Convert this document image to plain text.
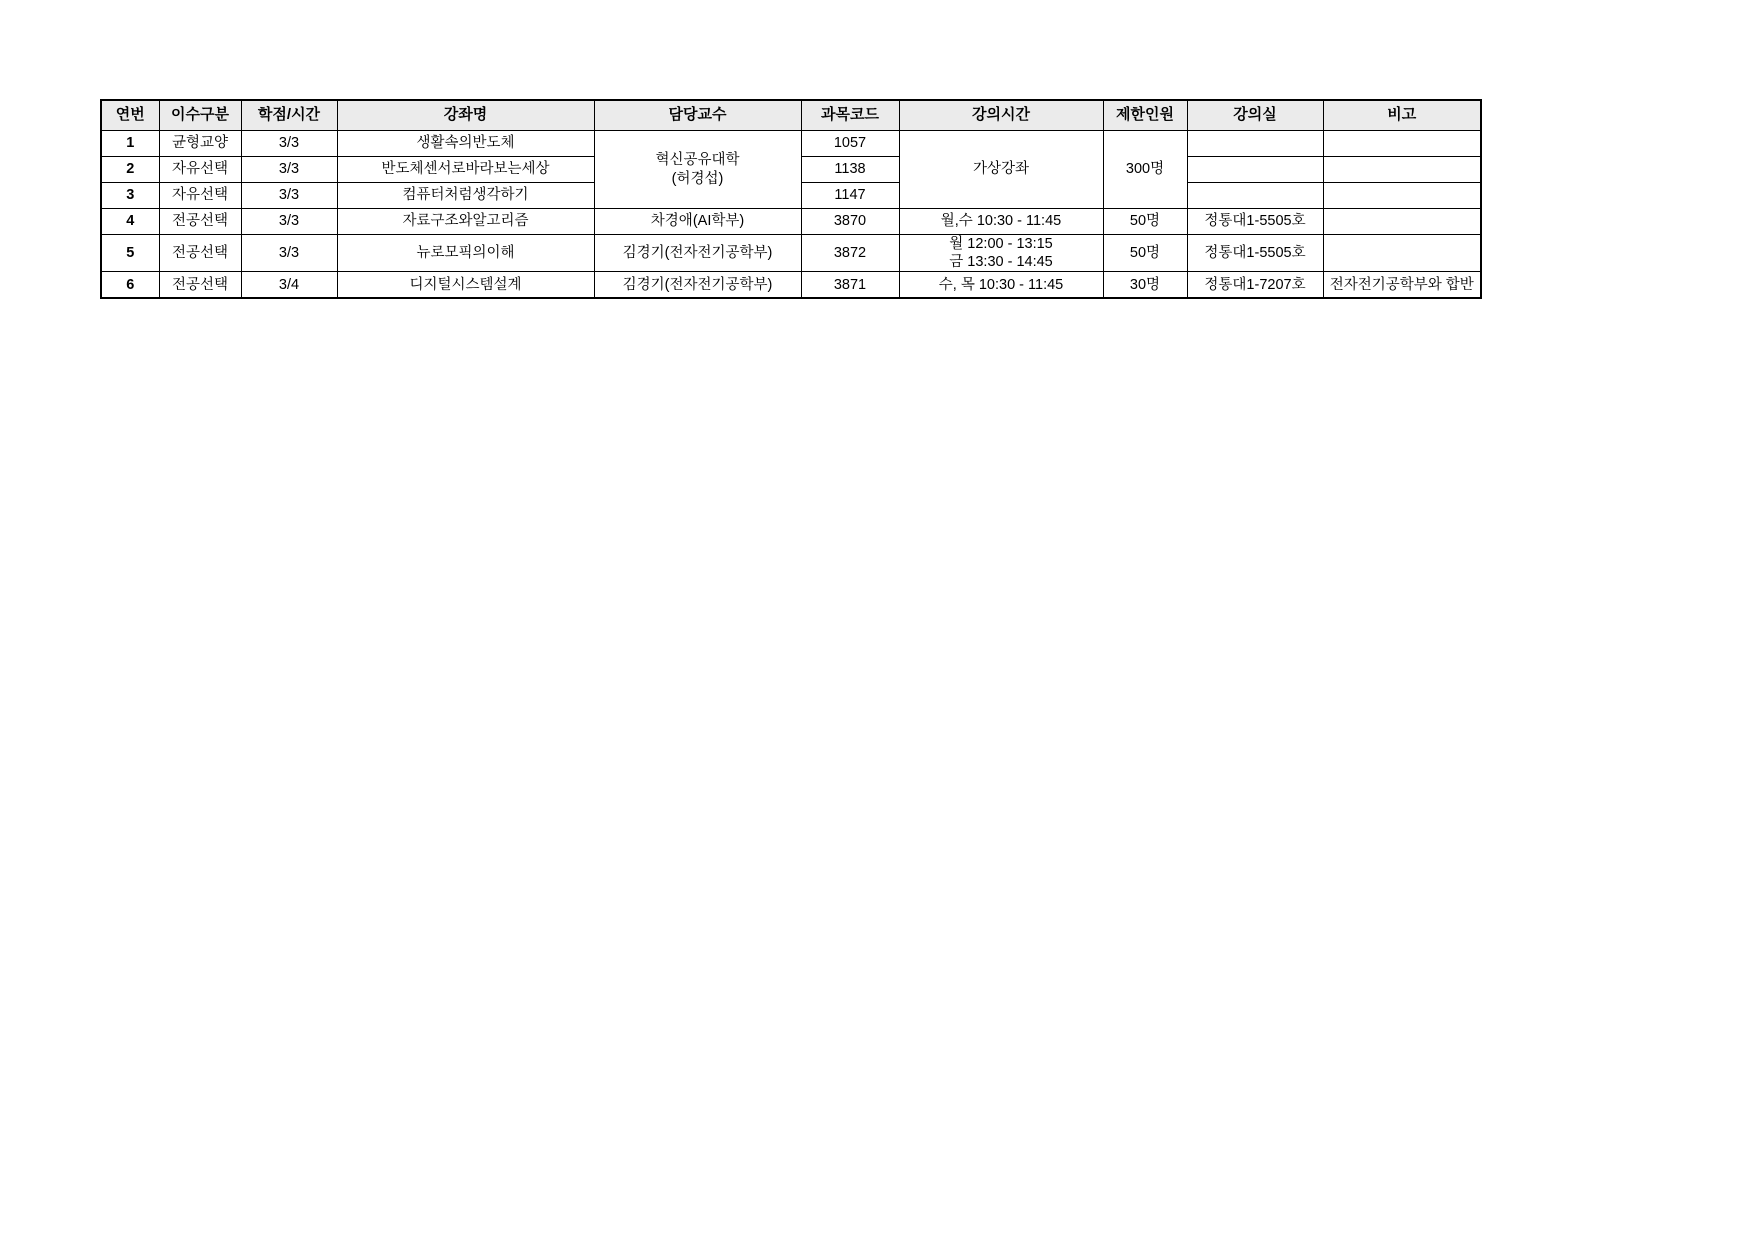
연번	이수구분	학점/시간	강좌명	담당교수	과목코드	강의시간	제한인원	강의실	비고
1	균형교양	3/3	생활속의반도체	혁신공유대학
(허경섭)	1057	가상강좌	300명		
2	자유선택	3/3	반도체센서로바라보는세상		1138				
3	자유선택	3/3	컴퓨터처럼생각하기		1147				
4	전공선택	3/3	자료구조와알고리즘	차경애(AI학부)	3870	월,수 10:30 - 11:45	50명	정통대1-5505호	
5	전공선택	3/3	뉴로모픽의이해	김경기(전자전기공학부)	3872	월 12:00 - 13:15
금 13:30 - 14:45	50명	정통대1-5505호	
6	전공선택	3/4	디지털시스템설계	김경기(전자전기공학부)	3871	수, 목 10:30 - 11:45	30명	정통대1-7207호	전자전기공학부와 합반
